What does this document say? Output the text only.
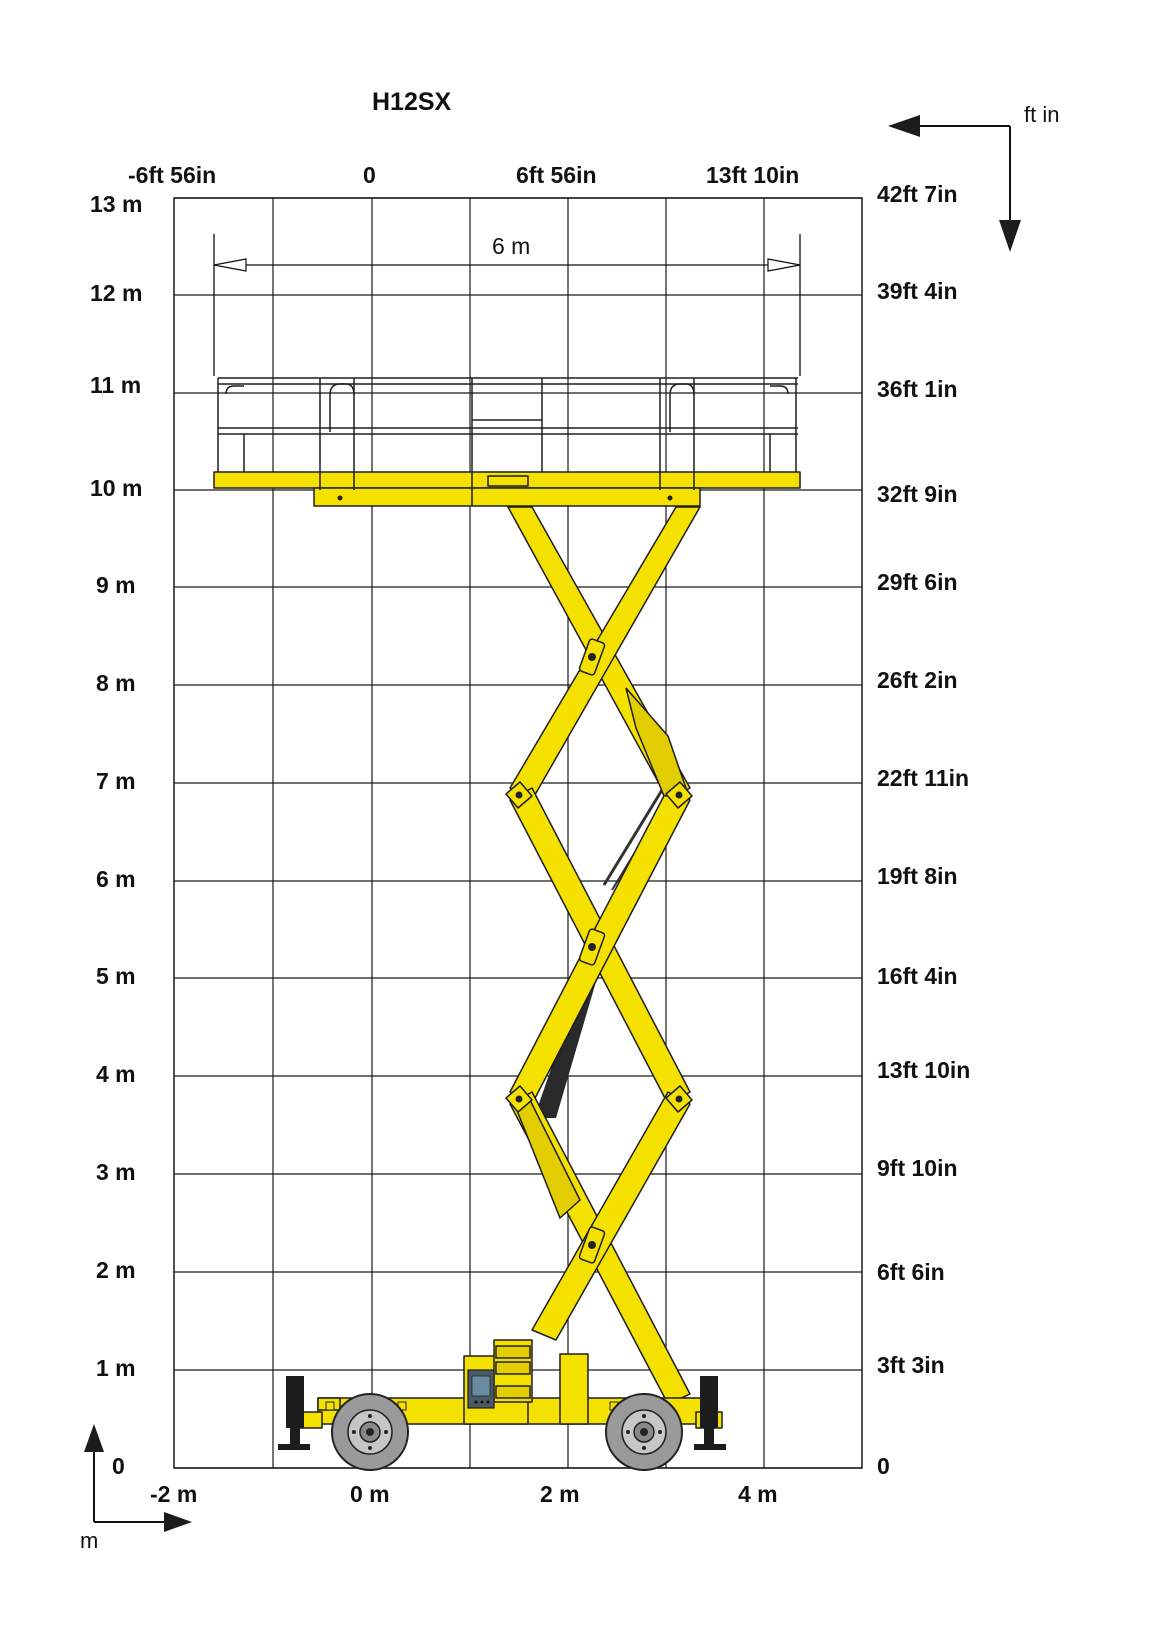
H12SX
13 m
12 m
11 m
10 m
9 m
8 m
7 m
6 m
5 m
4 m
3 m
2 m
1 m
0
42ft 7in
39ft 4in
36ft 1in
32ft 9in
29ft 6in
26ft 2in
22ft 11in
19ft 8in
16ft 4in
13ft 10in
9ft 10in
6ft 6in
3ft 3in
0
-6ft 56in	0	6ft 56in	13ft 10in
-2 m	0 m	2 m	4 m
ft in
m
6 m
